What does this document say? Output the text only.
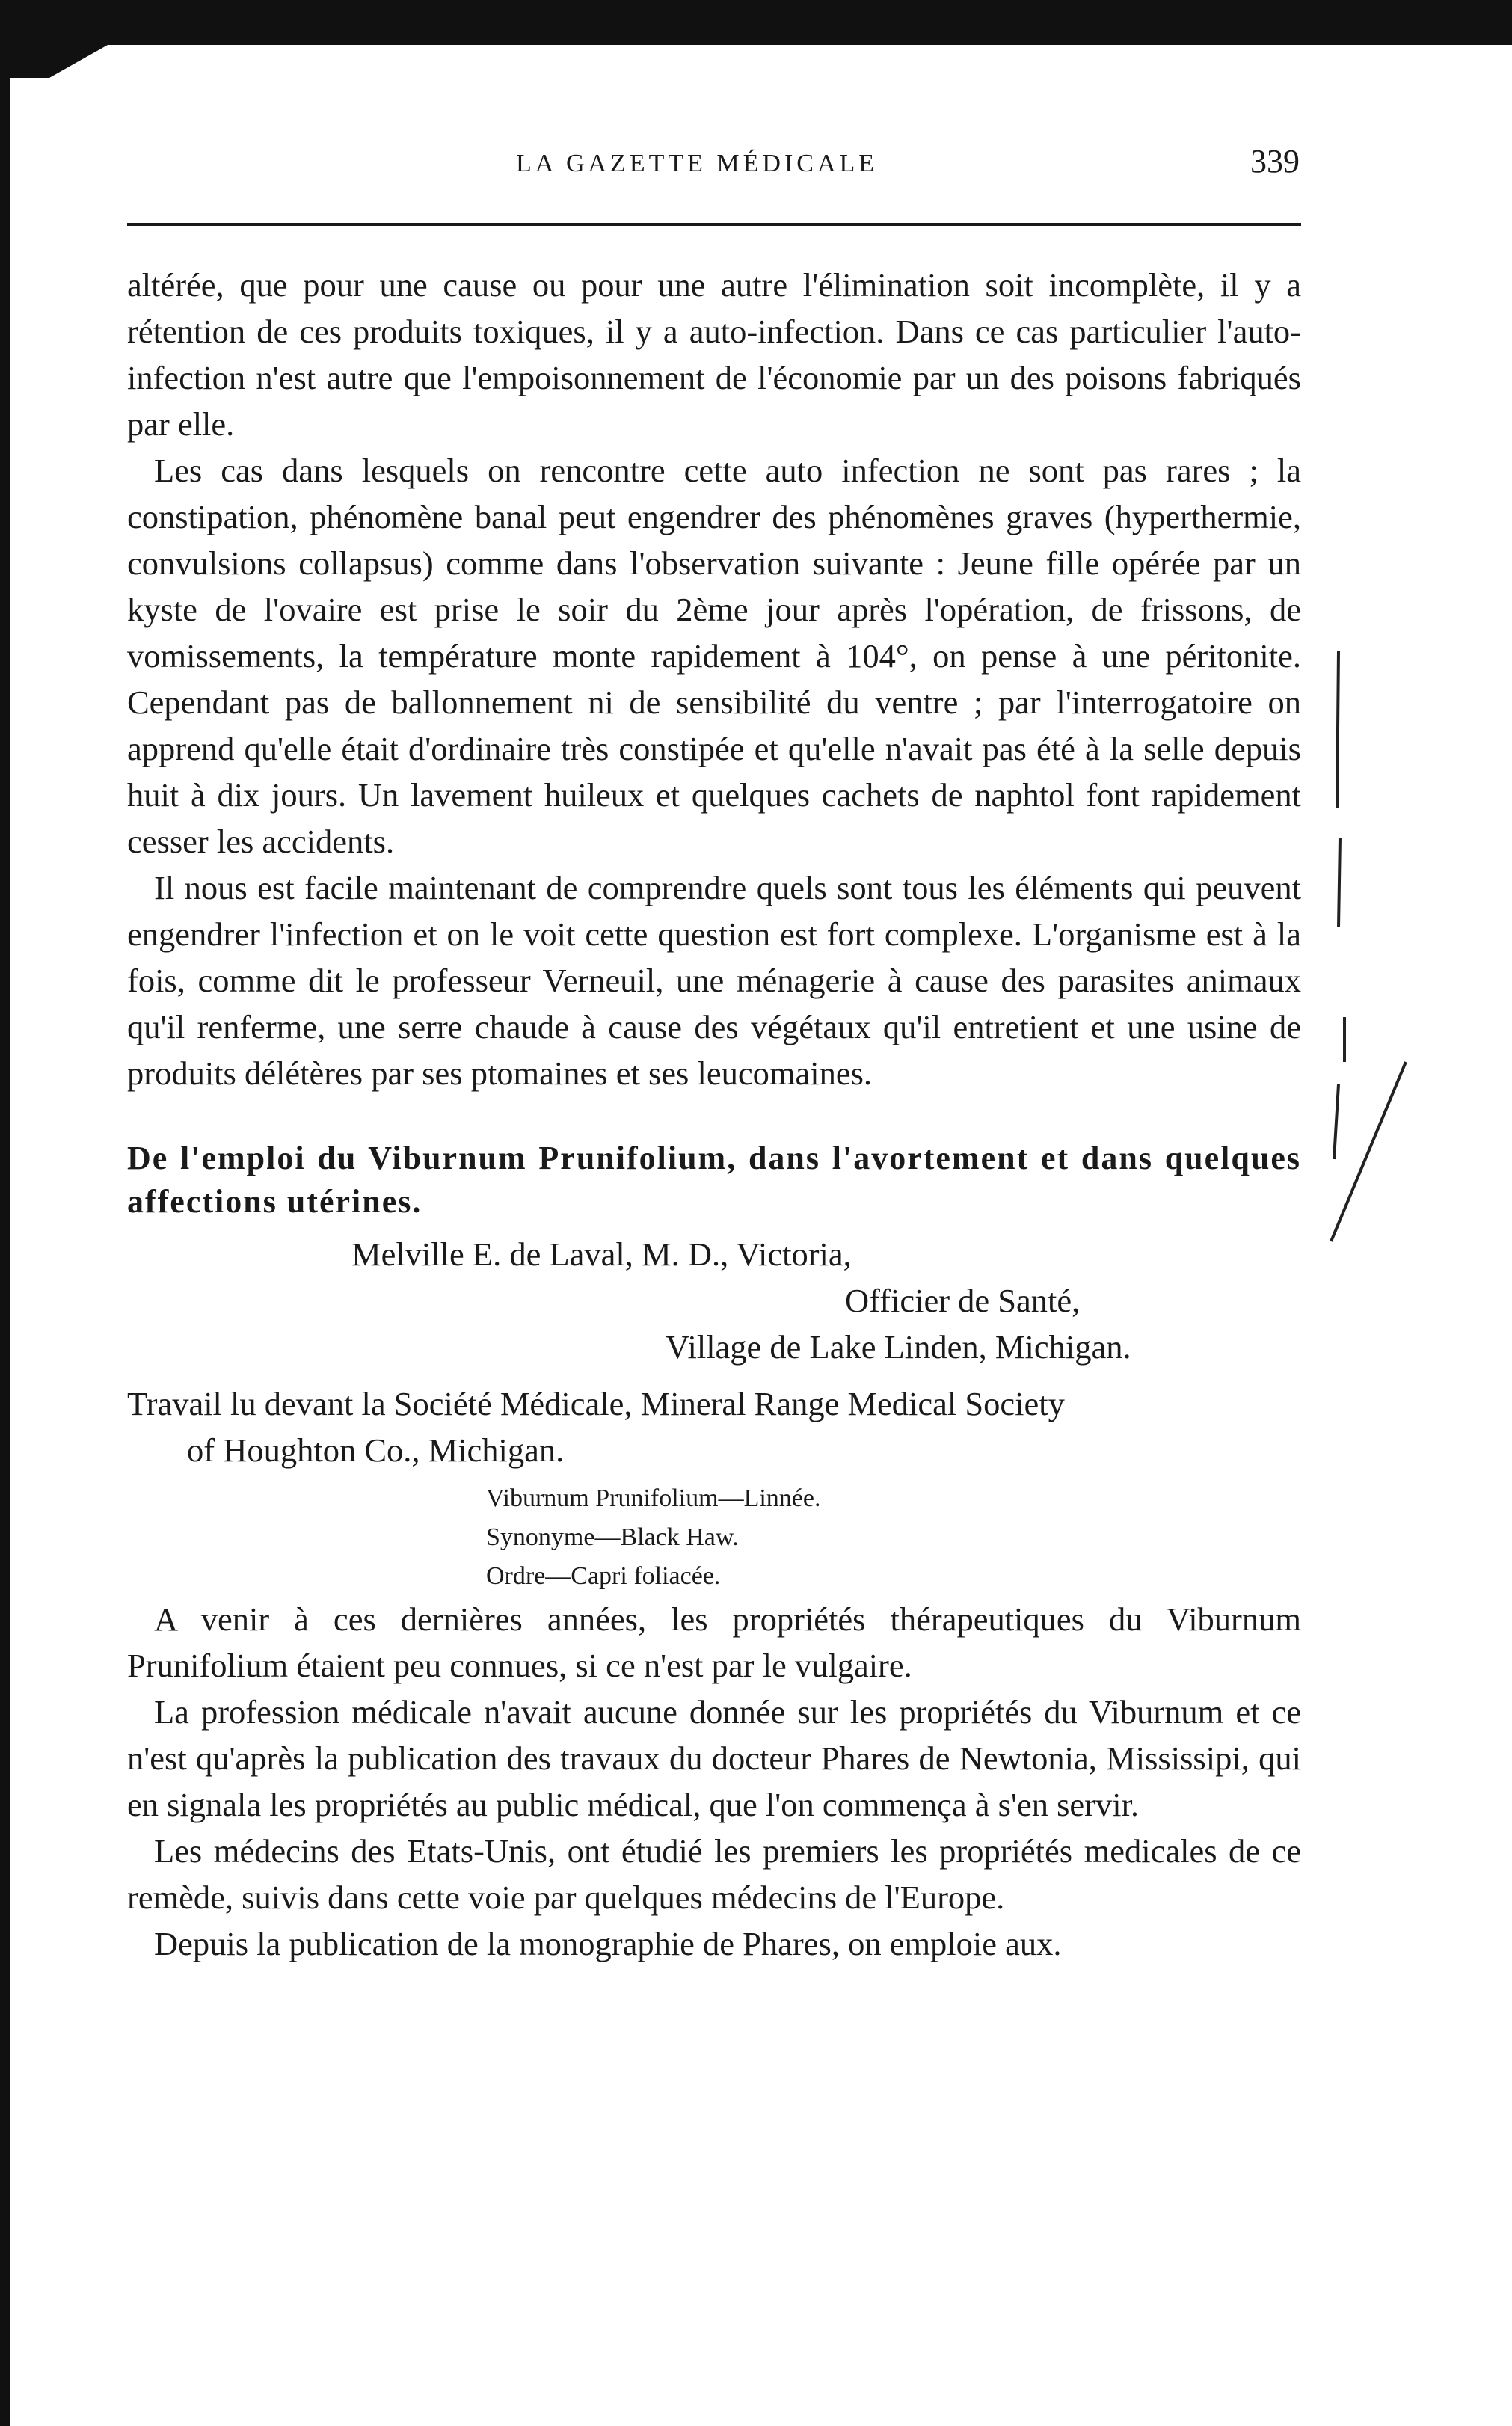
LA GAZETTE MÉDICALE	339

altérée, que pour une cause ou pour une autre l'élimination soit incomplète, il y a rétention de ces produits toxiques, il y a auto-infection. Dans ce cas particulier l'auto-infection n'est autre que l'empoisonnement de l'économie par un des poisons fabriqués par elle.

Les cas dans lesquels on rencontre cette auto infection ne sont pas rares ; la constipation, phénomène banal peut engendrer des phénomènes graves (hyperthermie, convulsions collapsus) comme dans l'observation suivante : Jeune fille opérée par un kyste de l'ovaire est prise le soir du 2ème jour après l'opération, de frissons, de vomissements, la température monte rapidement à 104°, on pense à une péritonite. Cependant pas de ballonnement ni de sensibilité du ventre ; par l'interrogatoire on apprend qu'elle était d'ordinaire très constipée et qu'elle n'avait pas été à la selle depuis huit à dix jours. Un lavement huileux et quelques cachets de naphtol font rapidement cesser les accidents.

Il nous est facile maintenant de comprendre quels sont tous les éléments qui peuvent engendrer l'infection et on le voit cette question est fort complexe. L'organisme est à la fois, comme dit le professeur Verneuil, une ménagerie à cause des parasites animaux qu'il renferme, une serre chaude à cause des végétaux qu'il entretient et une usine de produits délétères par ses ptomaines et ses leucomaines.

De l'emploi du Viburnum Prunifolium, dans l'avortement et dans quelques affections utérines.

Melville E. de Laval, M. D., Victoria,
Officier de Santé,
Village de Lake Linden, Michigan.
Travail lu devant la Société Médicale, Mineral Range Medical Society
of Houghton Co., Michigan.
Viburnum Prunifolium—Linnée.
Synonyme—Black Haw.
Ordre—Capri foliacée.

A venir à ces dernières années, les propriétés thérapeutiques du Viburnum Prunifolium étaient peu connues, si ce n'est par le vulgaire.

La profession médicale n'avait aucune donnée sur les propriétés du Viburnum et ce n'est qu'après la publication des travaux du docteur Phares de Newtonia, Mississipi, qui en signala les propriétés au public médical, que l'on commença à s'en servir.

Les médecins des Etats-Unis, ont étudié les premiers les propriétés medicales de ce remède, suivis dans cette voie par quelques médecins de l'Europe.

Depuis la publication de la monographie de Phares, on emploie aux.
